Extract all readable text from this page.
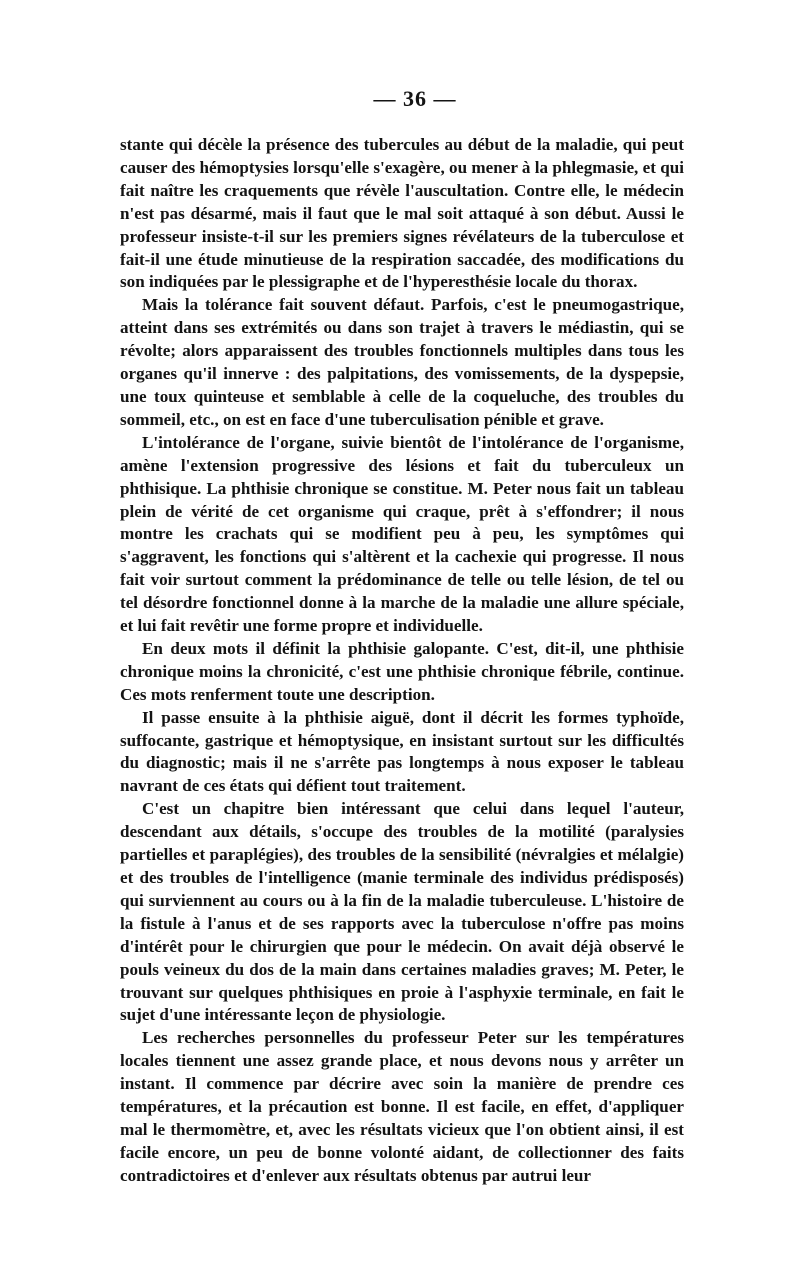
— 36 —

stante qui décèle la présence des tubercules au début de la maladie, qui peut causer des hémoptysies lorsqu'elle s'exagère, ou mener à la phlegmasie, et qui fait naître les craquements que révèle l'auscultation. Contre elle, le médecin n'est pas désarmé, mais il faut que le mal soit attaqué à son début. Aussi le professeur insiste-t-il sur les premiers signes révélateurs de la tuberculose et fait-il une étude minutieuse de la respiration saccadée, des modifications du son indiquées par le plessigraphe et de l'hyperesthésie locale du thorax.

Mais la tolérance fait souvent défaut. Parfois, c'est le pneumogastrique, atteint dans ses extrémités ou dans son trajet à travers le médiastin, qui se révolte; alors apparaissent des troubles fonctionnels multiples dans tous les organes qu'il innerve : des palpitations, des vomissements, de la dyspepsie, une toux quinteuse et semblable à celle de la coqueluche, des troubles du sommeil, etc., on est en face d'une tuberculisation pénible et grave.

L'intolérance de l'organe, suivie bientôt de l'intolérance de l'organisme, amène l'extension progressive des lésions et fait du tuberculeux un phthisique. La phthisie chronique se constitue. M. Peter nous fait un tableau plein de vérité de cet organisme qui craque, prêt à s'effondrer; il nous montre les crachats qui se modifient peu à peu, les symptômes qui s'aggravent, les fonctions qui s'altèrent et la cachexie qui progresse. Il nous fait voir surtout comment la prédominance de telle ou telle lésion, de tel ou tel désordre fonctionnel donne à la marche de la maladie une allure spéciale, et lui fait revêtir une forme propre et individuelle.

En deux mots il définit la phthisie galopante. C'est, dit-il, une phthisie chronique moins la chronicité, c'est une phthisie chronique fébrile, continue. Ces mots renferment toute une description.

Il passe ensuite à la phthisie aiguë, dont il décrit les formes typhoïde, suffocante, gastrique et hémoptysique, en insistant surtout sur les difficultés du diagnostic; mais il ne s'arrête pas longtemps à nous exposer le tableau navrant de ces états qui défient tout traitement.

C'est un chapitre bien intéressant que celui dans lequel l'auteur, descendant aux détails, s'occupe des troubles de la motilité (paralysies partielles et paraplégies), des troubles de la sensibilité (névralgies et mélalgie) et des troubles de l'intelligence (manie terminale des individus prédisposés) qui surviennent au cours ou à la fin de la maladie tuberculeuse. L'histoire de la fistule à l'anus et de ses rapports avec la tuberculose n'offre pas moins d'intérêt pour le chirurgien que pour le médecin. On avait déjà observé le pouls veineux du dos de la main dans certaines maladies graves; M. Peter, le trouvant sur quelques phthisiques en proie à l'asphyxie terminale, en fait le sujet d'une intéressante leçon de physiologie.

Les recherches personnelles du professeur Peter sur les températures locales tiennent une assez grande place, et nous devons nous y arrêter un instant. Il commence par décrire avec soin la manière de prendre ces températures, et la précaution est bonne. Il est facile, en effet, d'appliquer mal le thermomètre, et, avec les résultats vicieux que l'on obtient ainsi, il est facile encore, un peu de bonne volonté aidant, de collectionner des faits contradictoires et d'enlever aux résultats obtenus par autrui leur
